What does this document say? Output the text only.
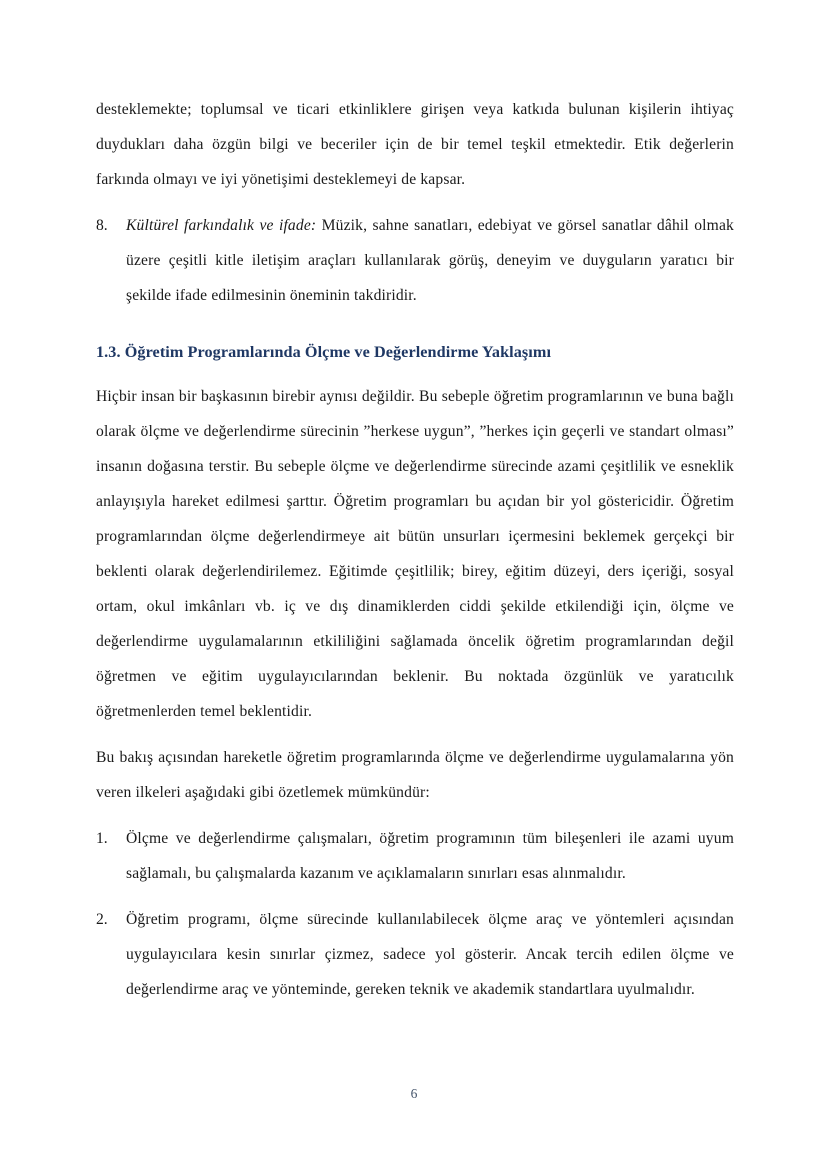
desteklemekte; toplumsal ve ticari etkinliklere girişen veya katkıda bulunan kişilerin ihtiyaç duydukları daha özgün bilgi ve beceriler için de bir temel teşkil etmektedir. Etik değerlerin farkında olmayı ve iyi yönetişimi desteklemeyi de kapsar.

8.	Kültürel farkındalık ve ifade: Müzik, sahne sanatları, edebiyat ve görsel sanatlar dâhil olmak üzere çeşitli kitle iletişim araçları kullanılarak görüş, deneyim ve duyguların yaratıcı bir şekilde ifade edilmesinin öneminin takdiridir.
1.3. Öğretim Programlarında Ölçme ve Değerlendirme Yaklaşımı

Hiçbir insan bir başkasının birebir aynısı değildir. Bu sebeple öğretim programlarının ve buna bağlı olarak ölçme ve değerlendirme sürecinin ”herkese uygun”, ”herkes için geçerli ve standart olması” insanın doğasına terstir. Bu sebeple ölçme ve değerlendirme sürecinde azami çeşitlilik ve esneklik anlayışıyla hareket edilmesi şarttır. Öğretim programları bu açıdan bir yol göstericidir. Öğretim programlarından ölçme değerlendirmeye ait bütün unsurları içermesini beklemek gerçekçi bir beklenti olarak değerlendirilemez. Eğitimde çeşitlilik; birey, eğitim düzeyi, ders içeriği, sosyal ortam, okul imkânları vb. iç ve dış dinamiklerden ciddi şekilde etkilendiği için, ölçme ve değerlendirme uygulamalarının etkililiğini sağlamada öncelik öğretim programlarından değil öğretmen ve eğitim uygulayıcılarından beklenir. Bu noktada özgünlük ve yaratıcılık öğretmenlerden temel beklentidir.

Bu bakış açısından hareketle öğretim programlarında ölçme ve değerlendirme uygulamalarına yön veren ilkeleri aşağıdaki gibi özetlemek mümkündür:

1.	Ölçme ve değerlendirme çalışmaları, öğretim programının tüm bileşenleri ile azami uyum sağlamalı, bu çalışmalarda kazanım ve açıklamaların sınırları esas alınmalıdır.
2.	Öğretim programı, ölçme sürecinde kullanılabilecek ölçme araç ve yöntemleri açısından uygulayıcılara kesin sınırlar çizmez, sadece yol gösterir. Ancak tercih edilen ölçme ve değerlendirme araç ve yönteminde, gereken teknik ve akademik standartlara uyulmalıdır.
6
